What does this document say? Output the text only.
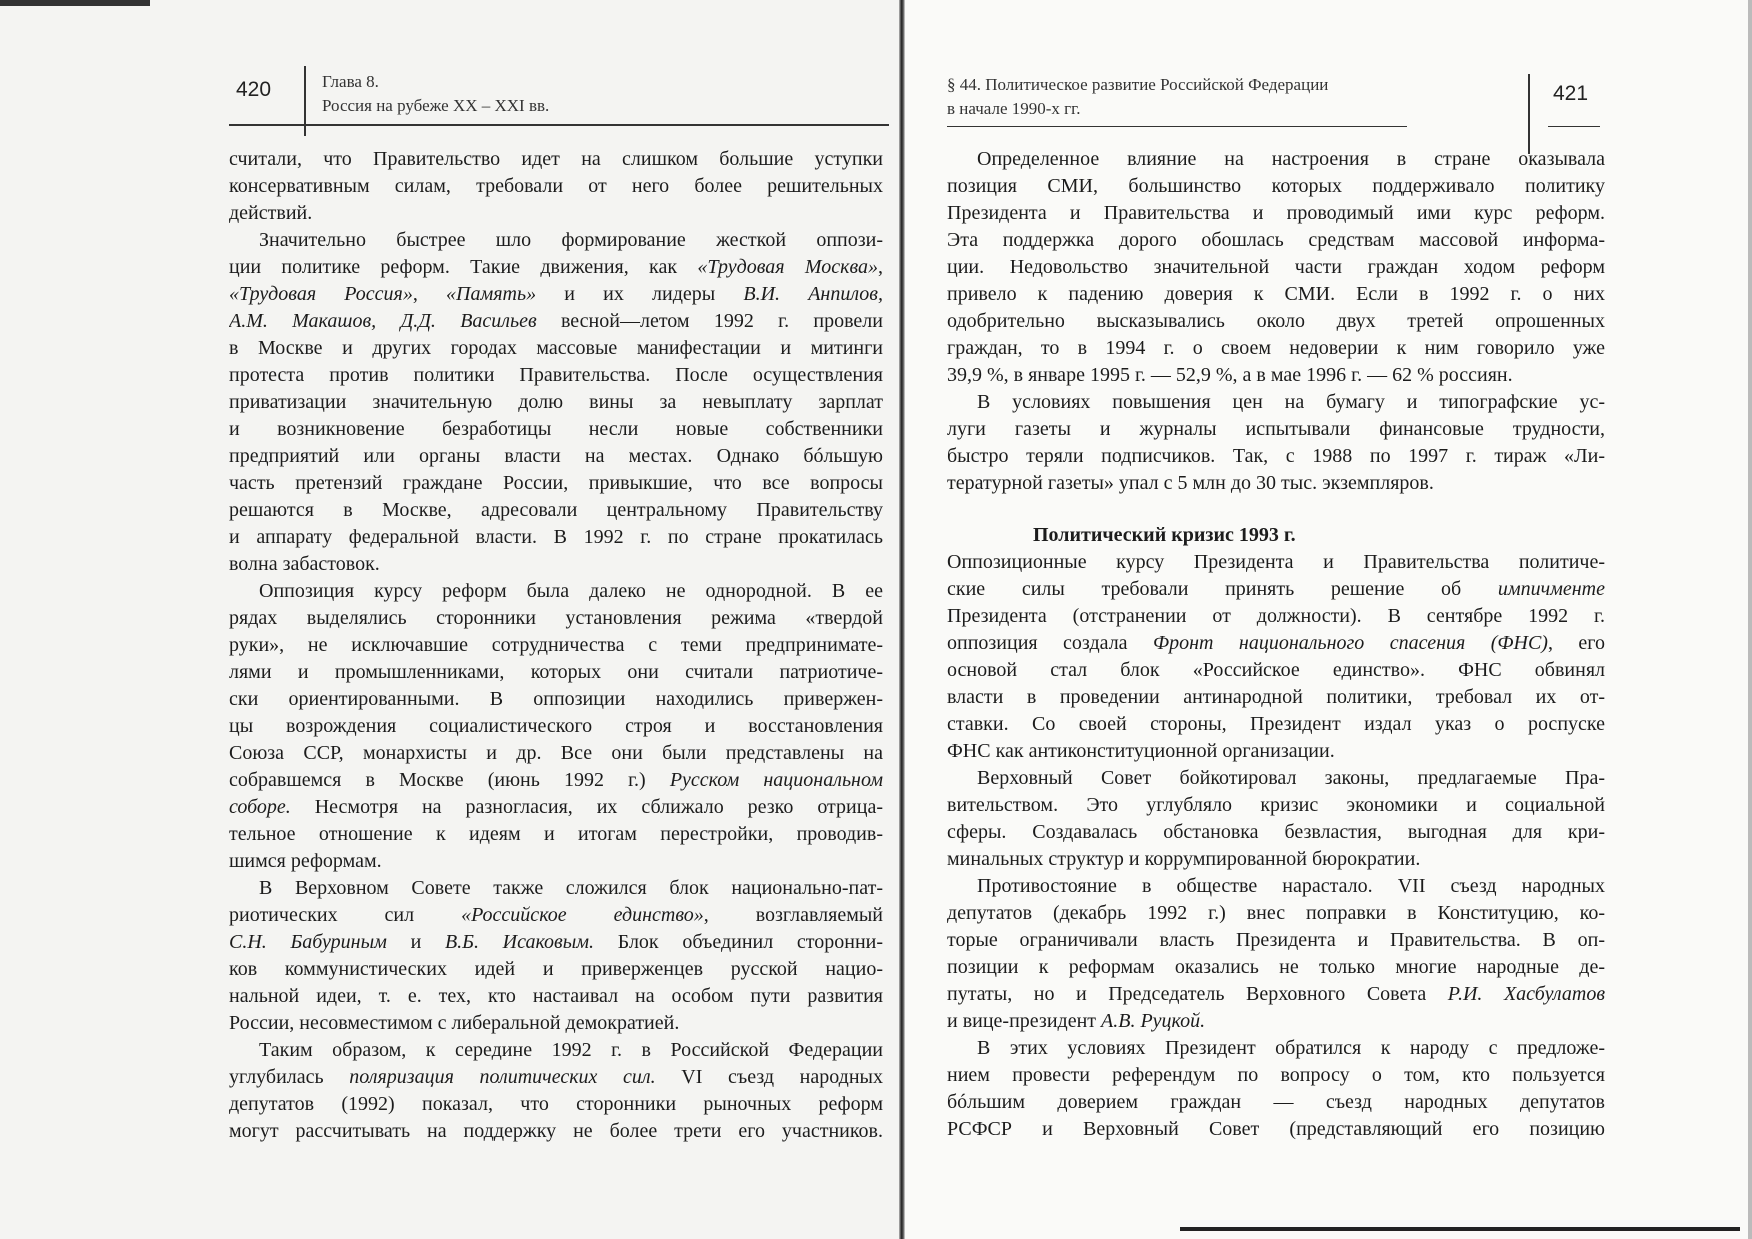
420	Глава 8.
Россия на рубеже XX – XXI вв.
§ 44. Политическое развитие Российской Федерации
в начале 1990-х гг.
421
считали, что Правительство идет на слишком большие уступки
консервативным силам, требовали от него более решительных
действий.
Значительно быстрее шло формирование жесткой оппози-
ции политике реформ. Такие движения, как «Трудовая Москва»,
«Трудовая Россия», «Память» и их лидеры В.И. Анпилов,
А.М. Макашов, Д.Д. Васильев весной—летом 1992 г. провели
в Москве и других городах массовые манифестации и митинги
протеста против политики Правительства. После осуществления
приватизации значительную долю вины за невыплату зарплат
и возникновение безработицы несли новые собственники
предприятий или органы власти на местах. Однако бóльшую
часть претензий граждане России, привыкшие, что все вопросы
решаются в Москве, адресовали центральному Правительству
и аппарату федеральной власти. В 1992 г. по стране прокатилась
волна забастовок.
Оппозиция курсу реформ была далеко не однородной. В ее
рядах выделялись сторонники установления режима «твердой
руки», не исключавшие сотрудничества с теми предпринимате-
лями и промышленниками, которых они считали патриотиче-
ски ориентированными. В оппозиции находились привержен-
цы возрождения социалистического строя и восстановления
Союза ССР, монархисты и др. Все они были представлены на
собравшемся в Москве (июнь 1992 г.) Русском национальном
соборе. Несмотря на разногласия, их сближало резко отрица-
тельное отношение к идеям и итогам перестройки, проводив-
шимся реформам.
В Верховном Совете также сложился блок национально-пат-
риотических сил «Российское единство», возглавляемый
С.Н. Бабуриным и В.Б. Исаковым. Блок объединил сторонни-
ков коммунистических идей и приверженцев русской нацио-
нальной идеи, т. е. тех, кто настаивал на особом пути развития
России, несовместимом с либеральной демократией.
Таким образом, к середине 1992 г. в Российской Федерации
углубилась поляризация политических сил. VI съезд народных
депутатов (1992) показал, что сторонники рыночных реформ
могут рассчитывать на поддержку не более трети его участников.
Определенное влияние на настроения в стране оказывала
позиция СМИ, большинство которых поддерживало политику
Президента и Правительства и проводимый ими курс реформ.
Эта поддержка дорого обошлась средствам массовой информа-
ции. Недовольство значительной части граждан ходом реформ
привело к падению доверия к СМИ. Если в 1992 г. о них
одобрительно высказывались около двух третей опрошенных
граждан, то в 1994 г. о своем недоверии к ним говорило уже
39,9 %, в январе 1995 г. — 52,9 %, а в мае 1996 г. — 62 % россиян.
В условиях повышения цен на бумагу и типографские ус-
луги газеты и журналы испытывали финансовые трудности,
быстро теряли подписчиков. Так, с 1988 по 1997 г. тираж «Ли-
тературной газеты» упал с 5 млн до 30 тыс. экземпляров.
Политический кризис 1993 г.
Оппозиционные курсу Президента и Правительства политиче-
ские силы требовали принять решение об импичменте
Президента (отстранении от должности). В сентябре 1992 г.
оппозиция создала Фронт национального спасения (ФНС), его
основой стал блок «Российское единство». ФНС обвинял
власти в проведении антинародной политики, требовал их от-
ставки. Со своей стороны, Президент издал указ о роспуске
ФНС как антиконституционной организации.
Верховный Совет бойкотировал законы, предлагаемые Пра-
вительством. Это углубляло кризис экономики и социальной
сферы. Создавалась обстановка безвластия, выгодная для кри-
минальных структур и коррумпированной бюрократии.
Противостояние в обществе нарастало. VII съезд народных
депутатов (декабрь 1992 г.) внес поправки в Конституцию, ко-
торые ограничивали власть Президента и Правительства. В оп-
позиции к реформам оказались не только многие народные де-
путаты, но и Председатель Верховного Совета Р.И. Хасбулатов
и вице-президент А.В. Руцкой.
В этих условиях Президент обратился к народу с предложе-
нием провести референдум по вопросу о том, кто пользуется
бóльшим доверием граждан — съезд народных депутатов
РСФСР и Верховный Совет (представляющий его позицию
